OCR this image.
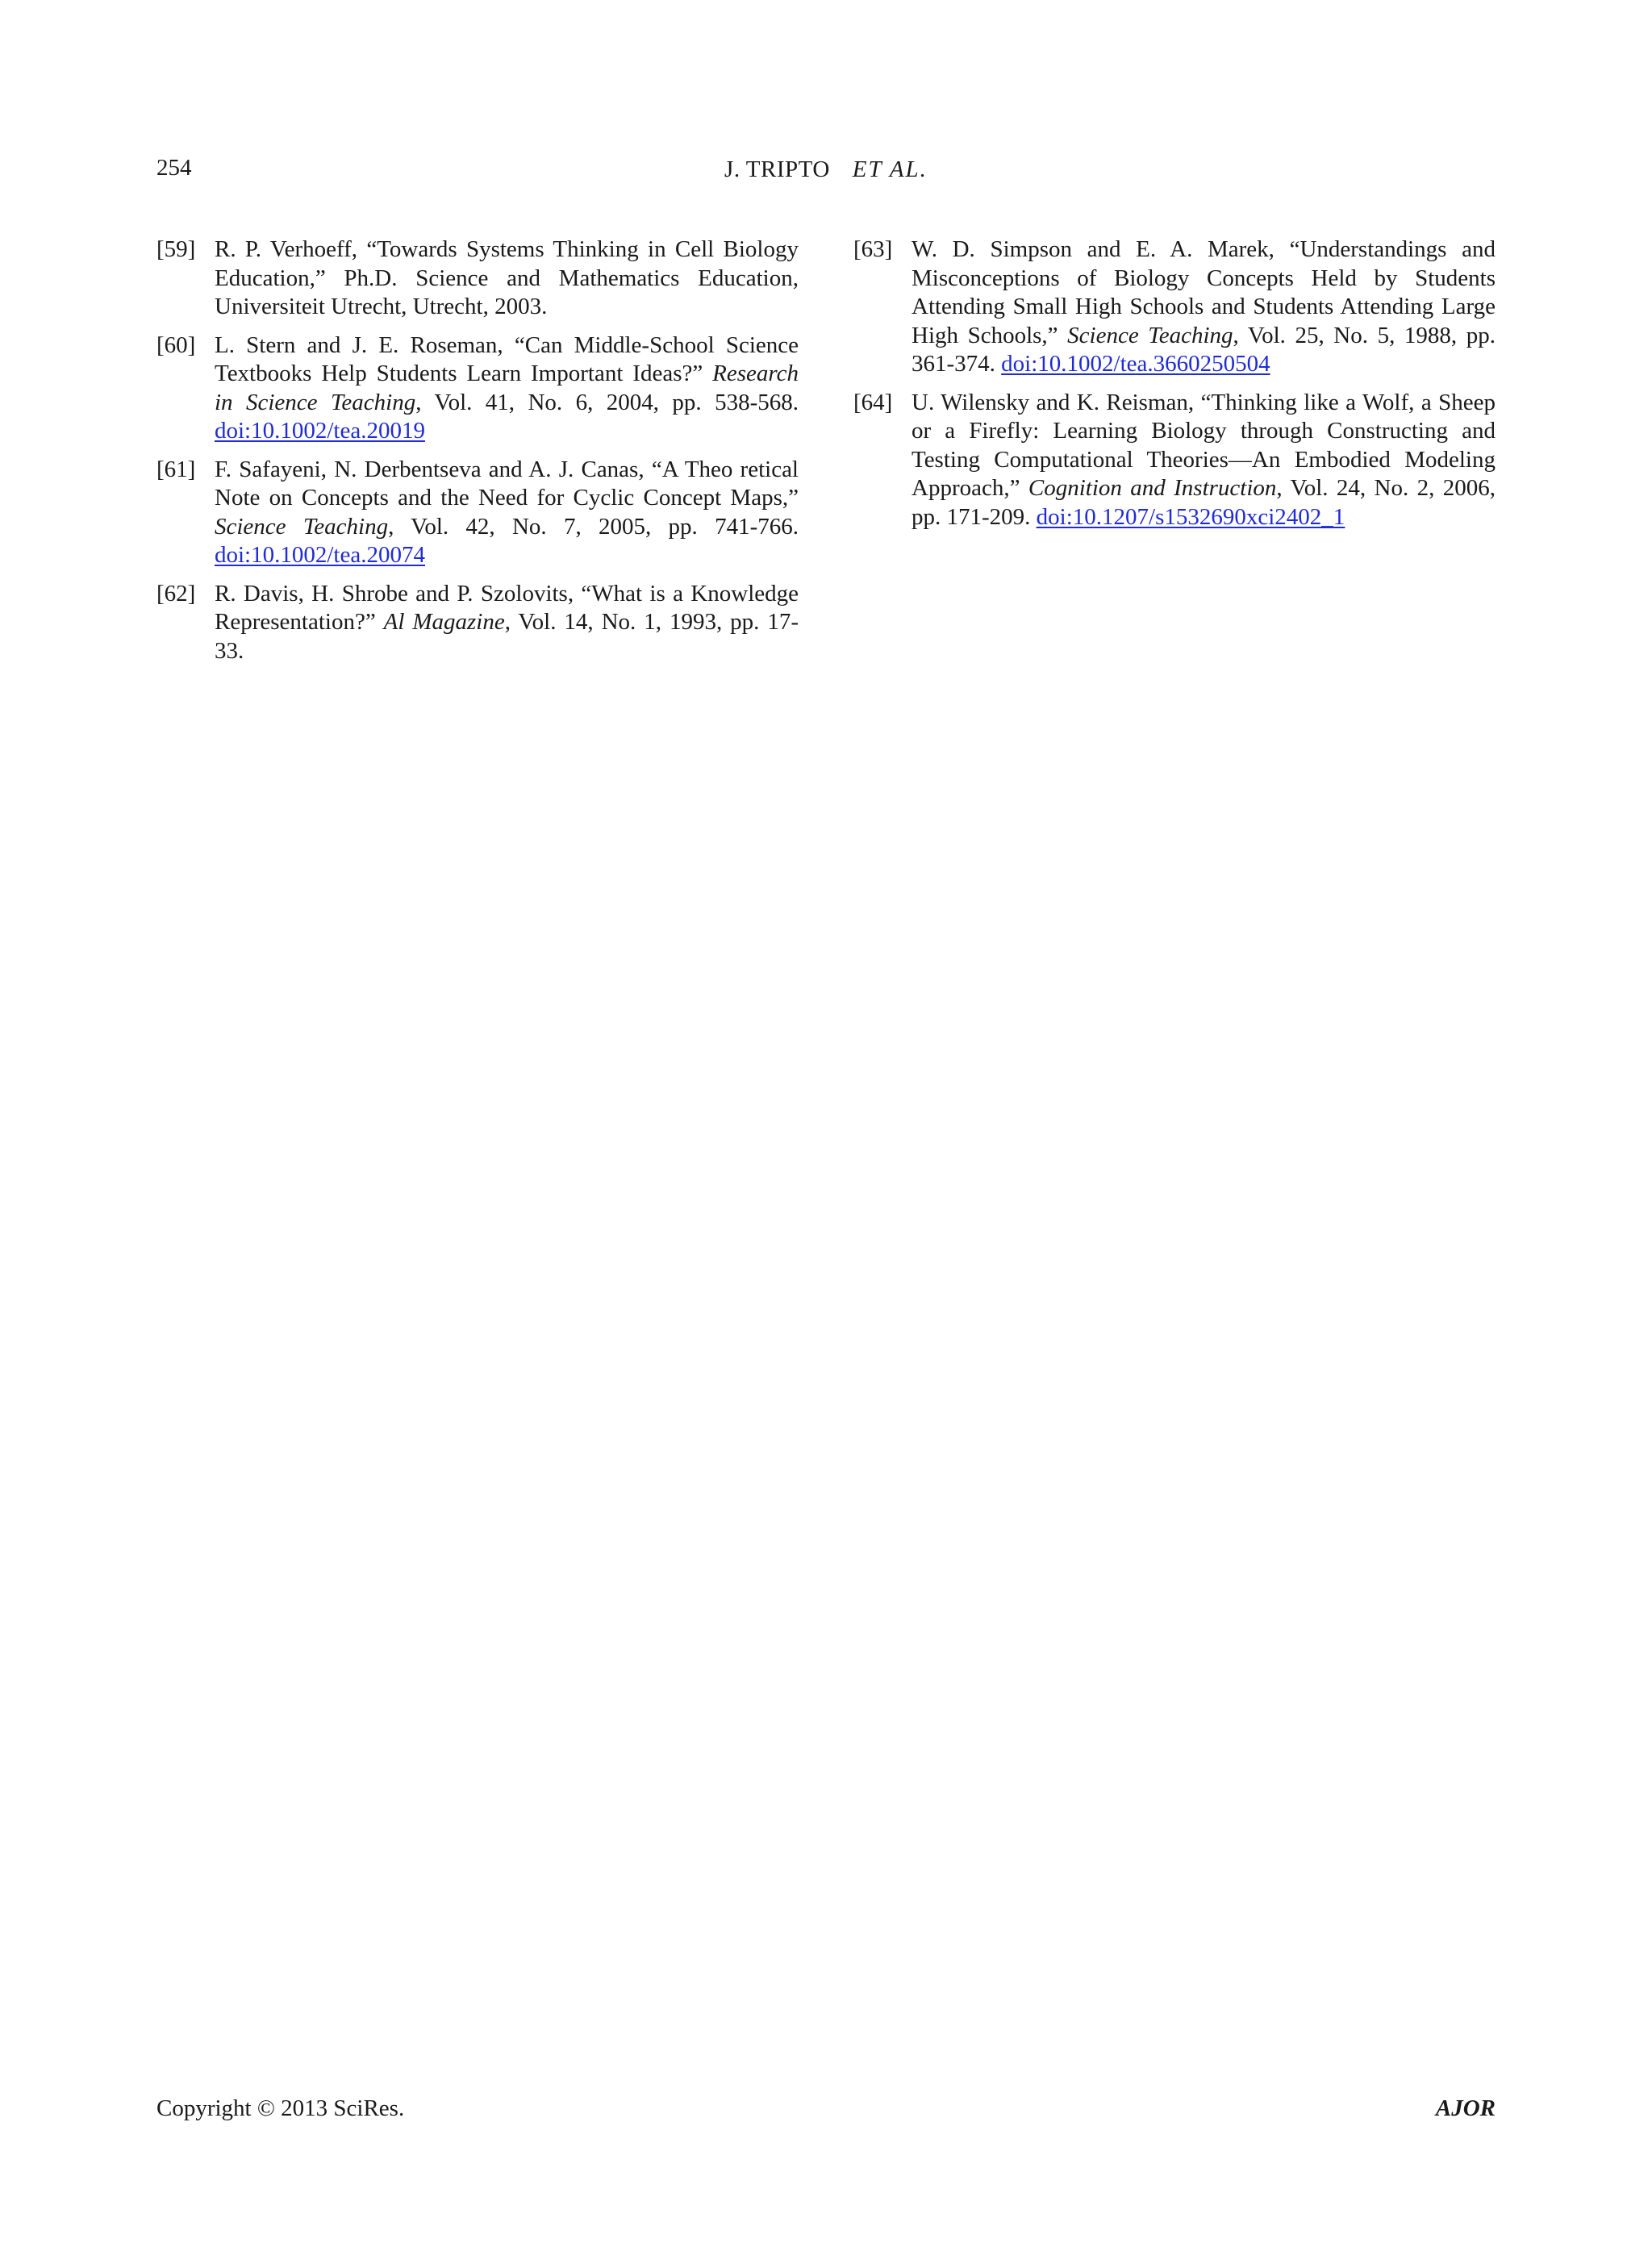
254	J. TRIPTO ET AL.
[59] R. P. Verhoeff, “Towards Systems Thinking in Cell Biology Education,” Ph.D. Science and Mathematics Education, Universiteit Utrecht, Utrecht, 2003.
[60] L. Stern and J. E. Roseman, “Can Middle-School Science Textbooks Help Students Learn Important Ideas?” Research in Science Teaching, Vol. 41, No. 6, 2004, pp. 538-568. doi:10.1002/tea.20019
[61] F. Safayeni, N. Derbentseva and A. J. Canas, “A Theo retical Note on Concepts and the Need for Cyclic Concept Maps,” Science Teaching, Vol. 42, No. 7, 2005, pp. 741-766. doi:10.1002/tea.20074
[62] R. Davis, H. Shrobe and P. Szolovits, “What is a Knowledge Representation?” Al Magazine, Vol. 14, No. 1, 1993, pp. 17-33.
[63] W. D. Simpson and E. A. Marek, “Understandings and Misconceptions of Biology Concepts Held by Students Attending Small High Schools and Students Attending Large High Schools,” Science Teaching, Vol. 25, No. 5, 1988, pp. 361-374. doi:10.1002/tea.3660250504
[64] U. Wilensky and K. Reisman, “Thinking like a Wolf, a Sheep or a Firefly: Learning Biology through Constructing and Testing Computational Theories—An Embodied Modeling Approach,” Cognition and Instruction, Vol. 24, No. 2, 2006, pp. 171-209. doi:10.1207/s1532690xci2402_1
Copyright © 2013 SciRes.	AJOR
